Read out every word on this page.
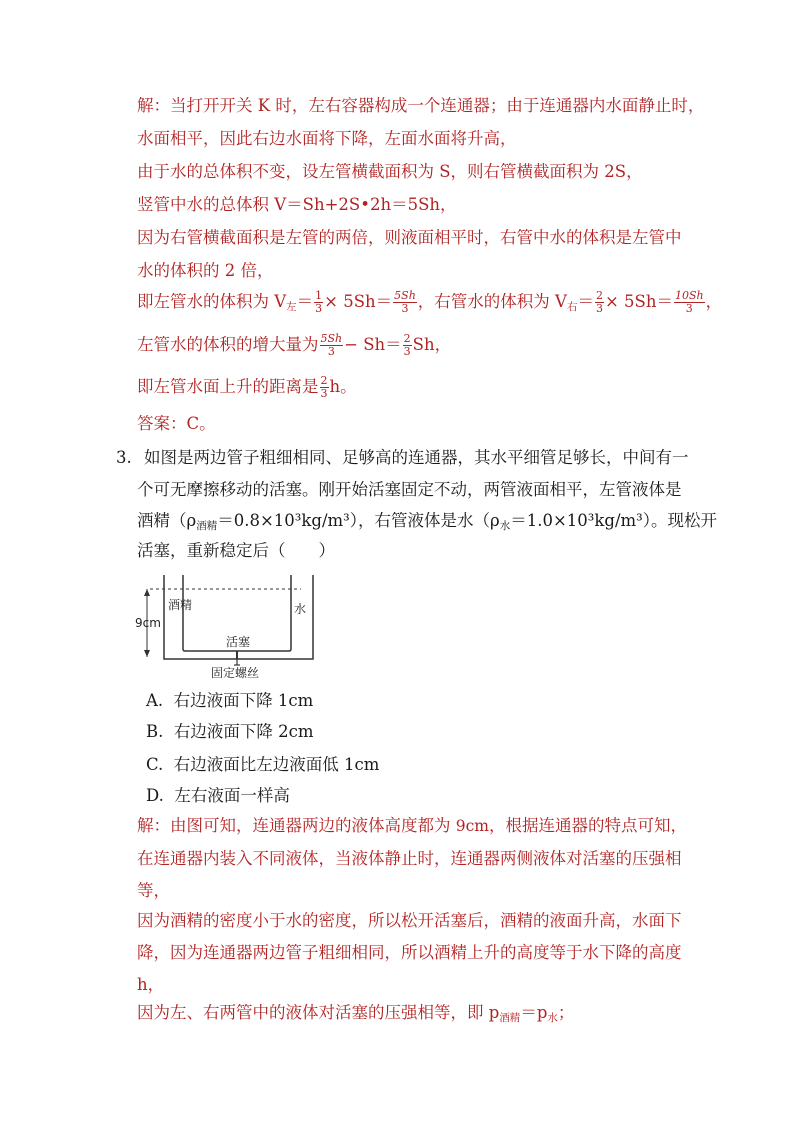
解：当打开开关 K 时，左右容器构成一个连通器；由于连通器内水面静止时，
水面相平，因此右边水面将下降，左面水面将升高，
由于水的总体积不变，设左管横截面积为 S，则右管横截面积为 2S，
竖管中水的总体积 V＝Sh+2S•2h＝5Sh，
因为右管横截面积是左管的两倍，则液面相平时，右管中水的体积是左管中
水的体积的 2 倍，
即左管水的体积为 V左＝ $\frac{1}{3} \times 5Sh= \frac{5Sh}{3}$ ，右管水的体积为 V右＝ $\frac{2}{3} \times 5Sh= \frac{10Sh}{3}$ ，
左管水的体积的增大量为 $\frac{5Sh}{3} - Sh= \frac{2}{3}$ Sh，
即左管水面上升的距离是 $\frac{2}{3}$ h。
答案：C。
3. 如图是两边管子粗细相同、足够高的连通器，其水平细管足够长，中间有一
个可无摩擦移动的活塞。刚开始活塞固定不动，两管液面相平，左管液体是
酒精（ρ酒精＝0.8×10³kg/m³），右管液体是水（ρ水＝1.0×10³kg/m³）。现松开
活塞，重新稳定后（　　）
9cm
酒精	水
活塞
固定螺丝
A. 右边液面下降 1cm
B. 右边液面下降 2cm
C. 右边液面比左边液面低 1cm
D. 左右液面一样高
解：由图可知，连通器两边的液体高度都为 9cm，根据连通器的特点可知，
在连通器内装入不同液体，当液体静止时，连通器两侧液体对活塞的压强相
等，
因为酒精的密度小于水的密度，所以松开活塞后，酒精的液面升高，水面下
降，因为连通器两边管子粗细相同，所以酒精上升的高度等于水下降的高度
h，
因为左、右两管中的液体对活塞的压强相等，即 p酒精＝p水；
